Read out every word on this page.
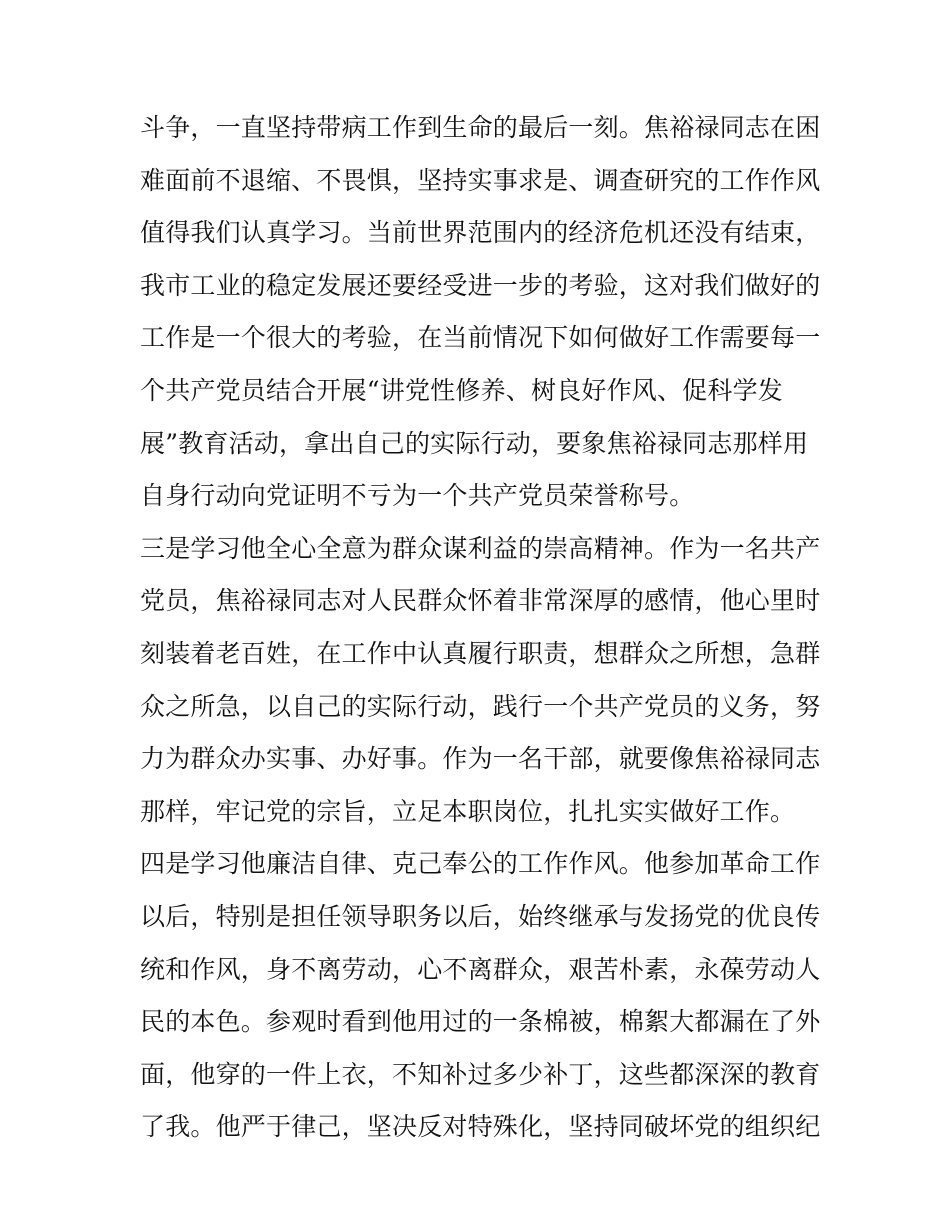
斗争，一直坚持带病工作到生命的最后一刻。焦裕禄同志在困
难面前不退缩、不畏惧，坚持实事求是、调查研究的工作作风
值得我们认真学习。当前世界范围内的经济危机还没有结束，
我市工业的稳定发展还要经受进一步的考验，这对我们做好的
工作是一个很大的考验，在当前情况下如何做好工作需要每一
个共产党员结合开展“讲党性修养、树良好作风、促科学发
展”教育活动，拿出自己的实际行动，要象焦裕禄同志那样用
自身行动向党证明不亏为一个共产党员荣誉称号。
三是学习他全心全意为群众谋利益的崇高精神。作为一名共产
党员，焦裕禄同志对人民群众怀着非常深厚的感情，他心里时
刻装着老百姓，在工作中认真履行职责，想群众之所想，急群
众之所急，以自己的实际行动，践行一个共产党员的义务，努
力为群众办实事、办好事。作为一名干部，就要像焦裕禄同志
那样，牢记党的宗旨，立足本职岗位，扎扎实实做好工作。
四是学习他廉洁自律、克己奉公的工作作风。他参加革命工作
以后，特别是担任领导职务以后，始终继承与发扬党的优良传
统和作风，身不离劳动，心不离群众，艰苦朴素，永葆劳动人
民的本色。参观时看到他用过的一条棉被，棉絮大都漏在了外
面，他穿的一件上衣，不知补过多少补丁，这些都深深的教育
了我。他严于律己，坚决反对特殊化，坚持同破坏党的组织纪
